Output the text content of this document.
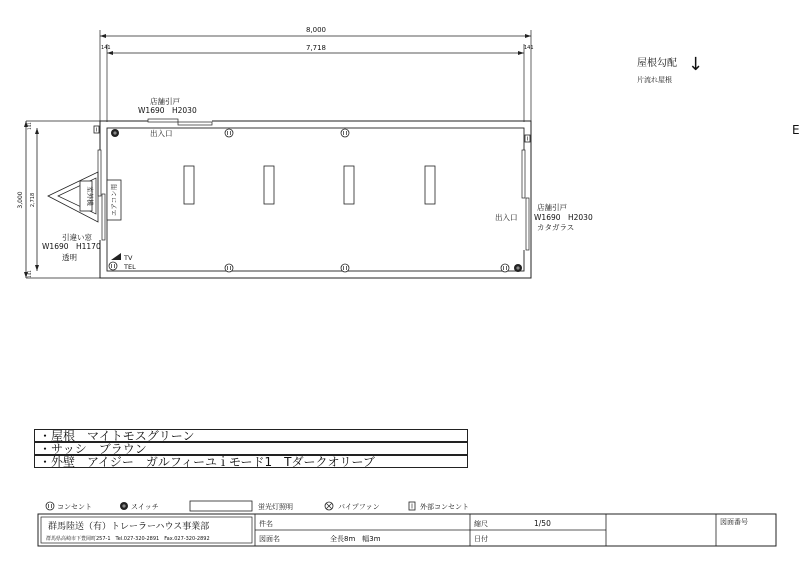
8,000
7,718
141	141
3,000 2,718
141
141
店舗引戸
W1690　H2030
出入口
店舗引戸
出入口 W1690　H2030
カタガラス
引違い窓
W1690　H1170
透明
室外機 エアコン用
TV
TEL
屋根勾配 ↓
片流れ屋根
E
コンセント	スイッチ	蛍光灯照明	パイプファン	外部コンセント
群馬陸送（有）トレーラーハウス事業部
群馬県高崎市下豊岡町257-1　Tel.027-320-2891　Fax.027-320-2892
件名
図面名	全長8m　幅3m
縮尺	1/50
日付
図面番号
・屋根　マイトモスグリーン
・サッシ　ブラウン
・外壁　アイジー　ガルフィーユｉモード1　Tダークオリーブ
